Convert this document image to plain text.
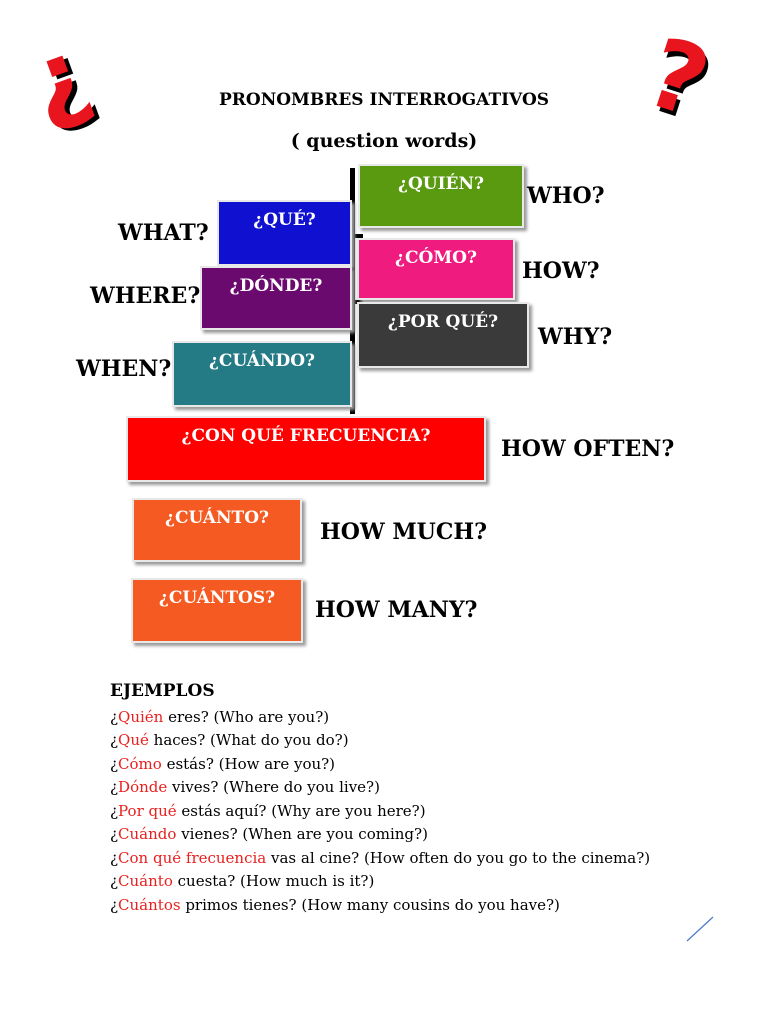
¿	?
PRONOMBRES INTERROGATIVOS
( question words)
¿QUIÉN?
¿QUÉ?
¿CÓMO?
¿DÓNDE?
¿POR QUÉ?
¿CUÁNDO?
¿CON QUÉ FRECUENCIA?
¿CUÁNTO?
¿CUÁNTOS?
WHO?
WHAT?
HOW?
WHERE?
WHY?
WHEN?
HOW OFTEN?
HOW MUCH?
HOW MANY?
EJEMPLOS
¿Quién eres? (Who are you?)
¿Qué haces? (What do you do?)
¿Cómo estás? (How are you?)
¿Dónde vives? (Where do you live?)
¿Por qué estás aquí? (Why are you here?)
¿Cuándo vienes? (When are you coming?)
¿Con qué frecuencia vas al cine? (How often do you go to the cinema?)
¿Cuánto cuesta? (How much is it?)
¿Cuántos primos tienes? (How many cousins do you have?)
